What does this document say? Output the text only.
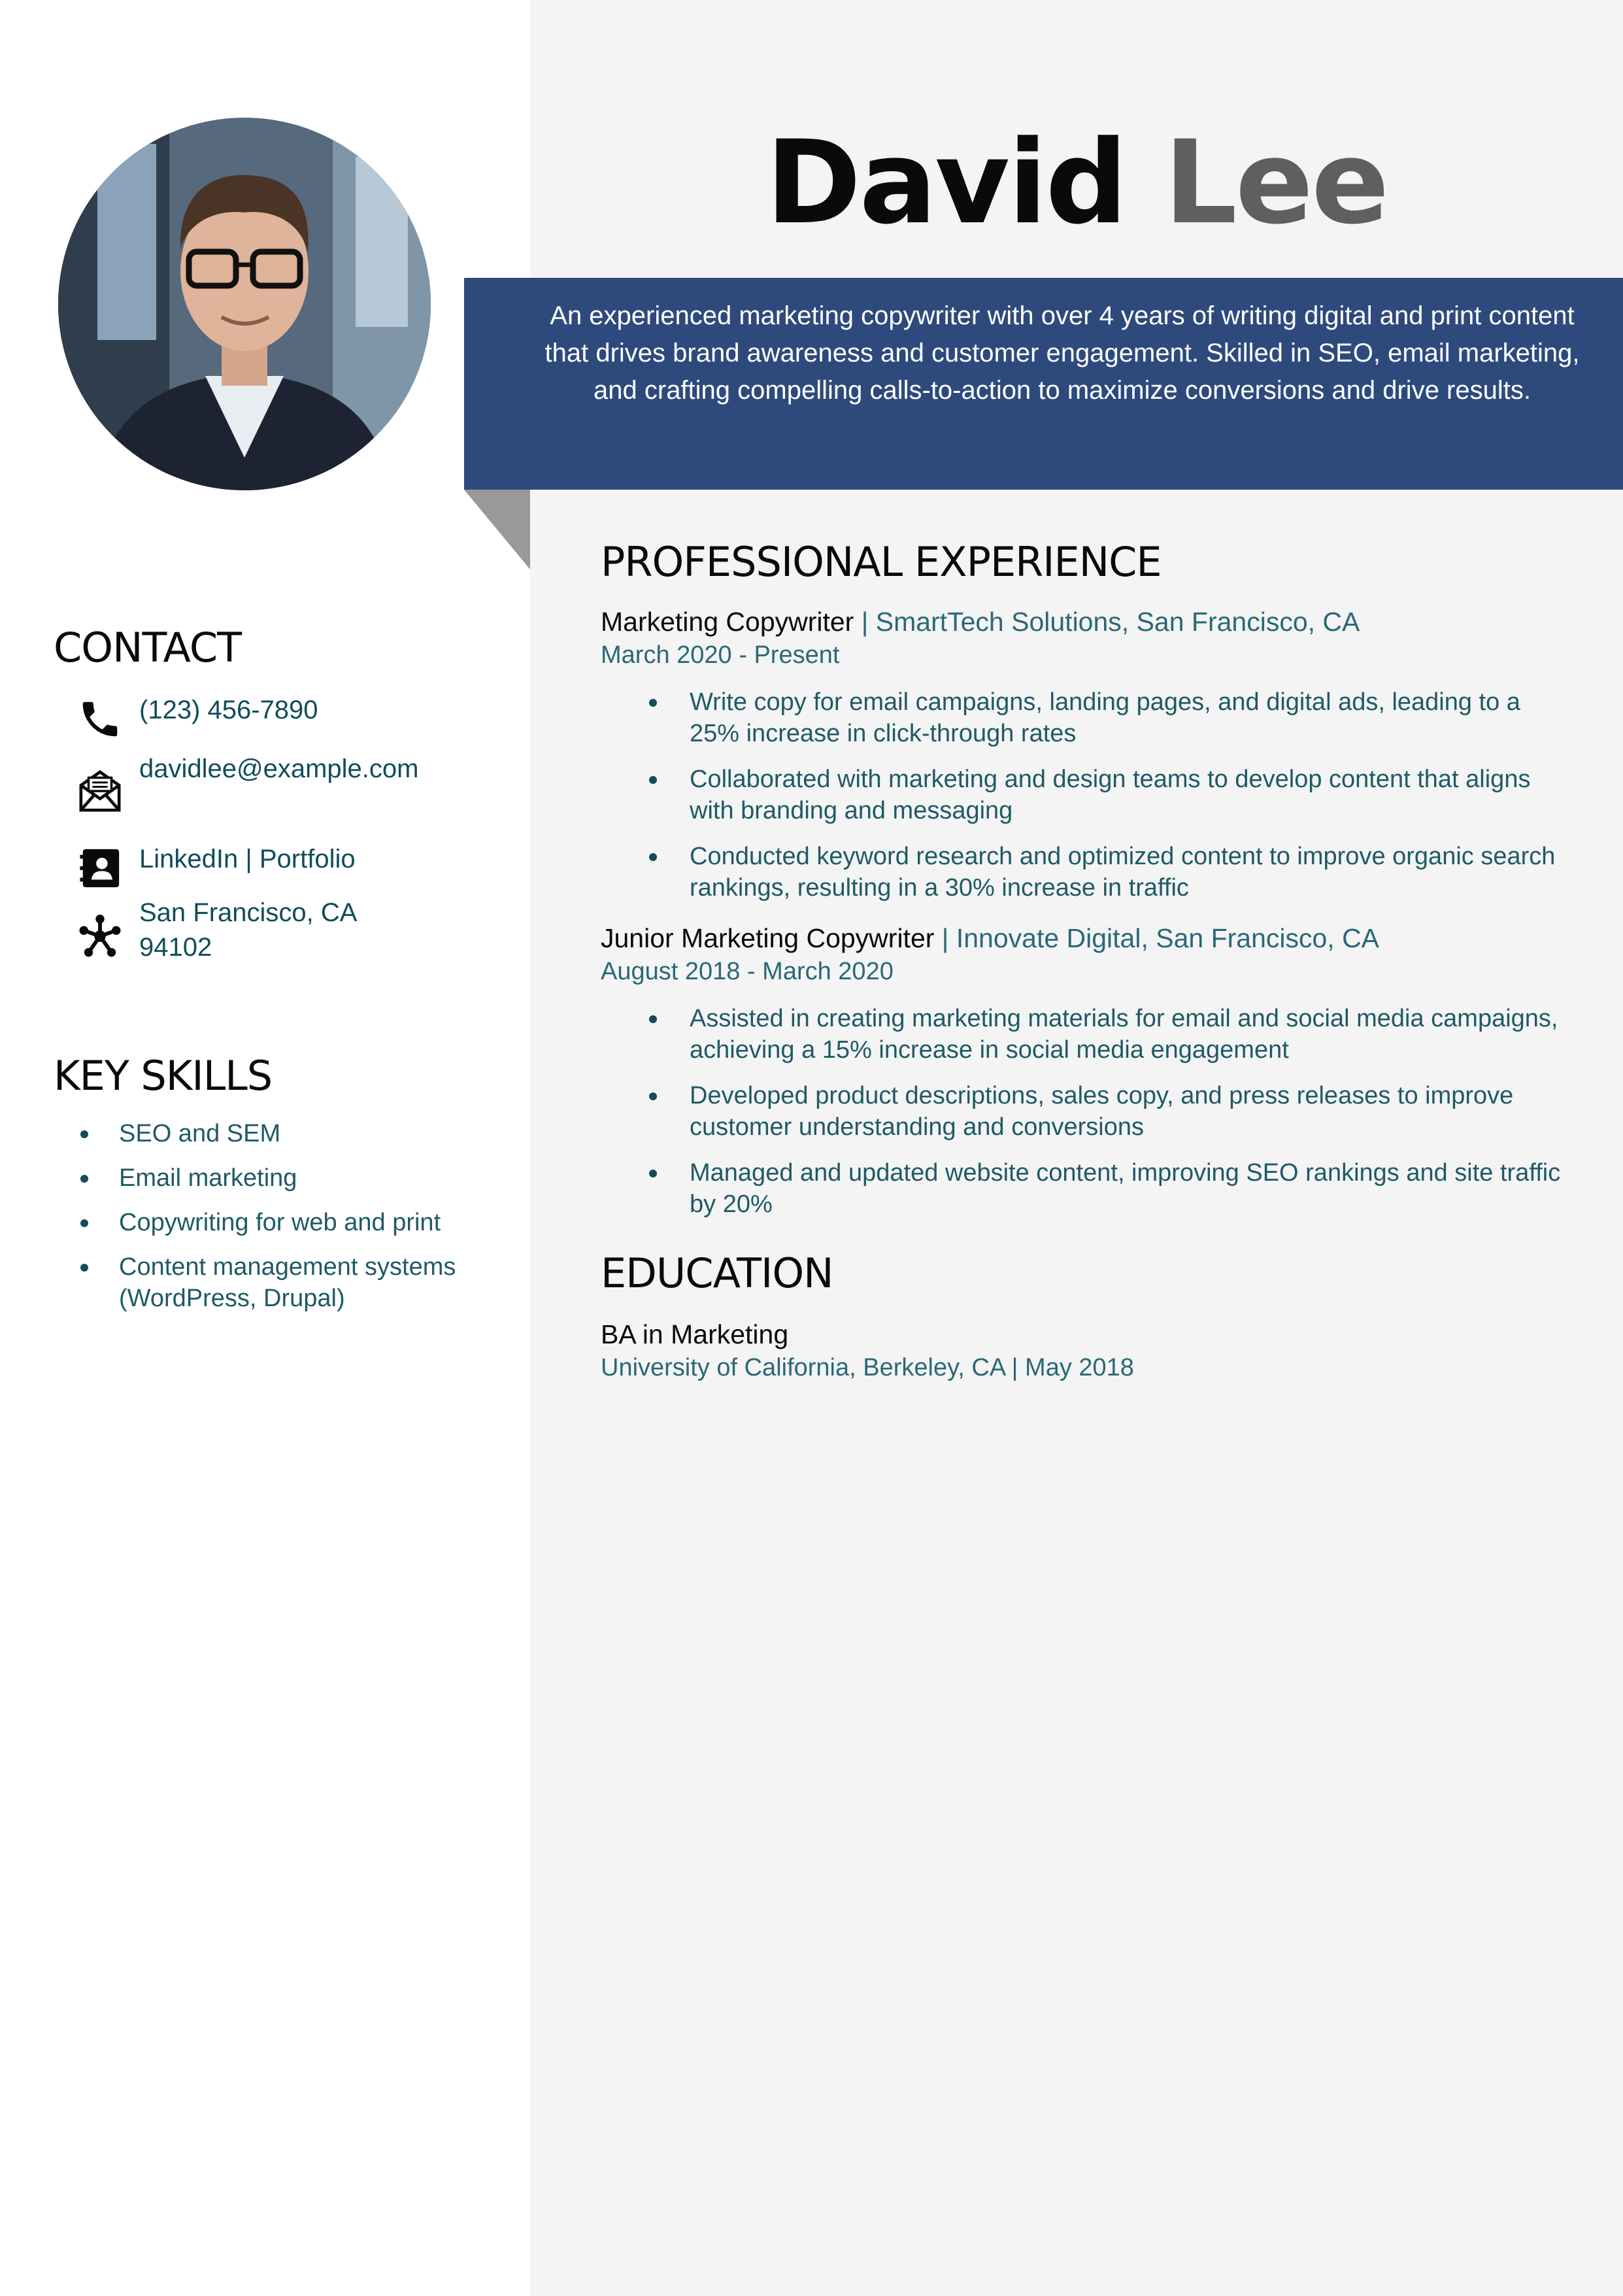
David Lee
An experienced marketing copywriter with over 4 years of writing digital and print content that drives brand awareness and customer engagement. Skilled in SEO, email marketing, and crafting compelling calls-to-action to maximize conversions and drive results.
CONTACT
(123) 456-7890
davidlee@example.com
LinkedIn | Portfolio
San Francisco, CA 94102
KEY SKILLS
SEO and SEM
Email marketing
Copywriting for web and print
Content management systems (WordPress, Drupal)
PROFESSIONAL EXPERIENCE
Marketing Copywriter | SmartTech Solutions, San Francisco, CA
March 2020 - Present
Write copy for email campaigns, landing pages, and digital ads, leading to a 25% increase in click-through rates
Collaborated with marketing and design teams to develop content that aligns with branding and messaging
Conducted keyword research and optimized content to improve organic search rankings, resulting in a 30% increase in traffic
Junior Marketing Copywriter | Innovate Digital, San Francisco, CA
August 2018 - March 2020
Assisted in creating marketing materials for email and social media campaigns, achieving a 15% increase in social media engagement
Developed product descriptions, sales copy, and press releases to improve customer understanding and conversions
Managed and updated website content, improving SEO rankings and site traffic by 20%
EDUCATION
BA in Marketing
University of California, Berkeley, CA | May 2018
